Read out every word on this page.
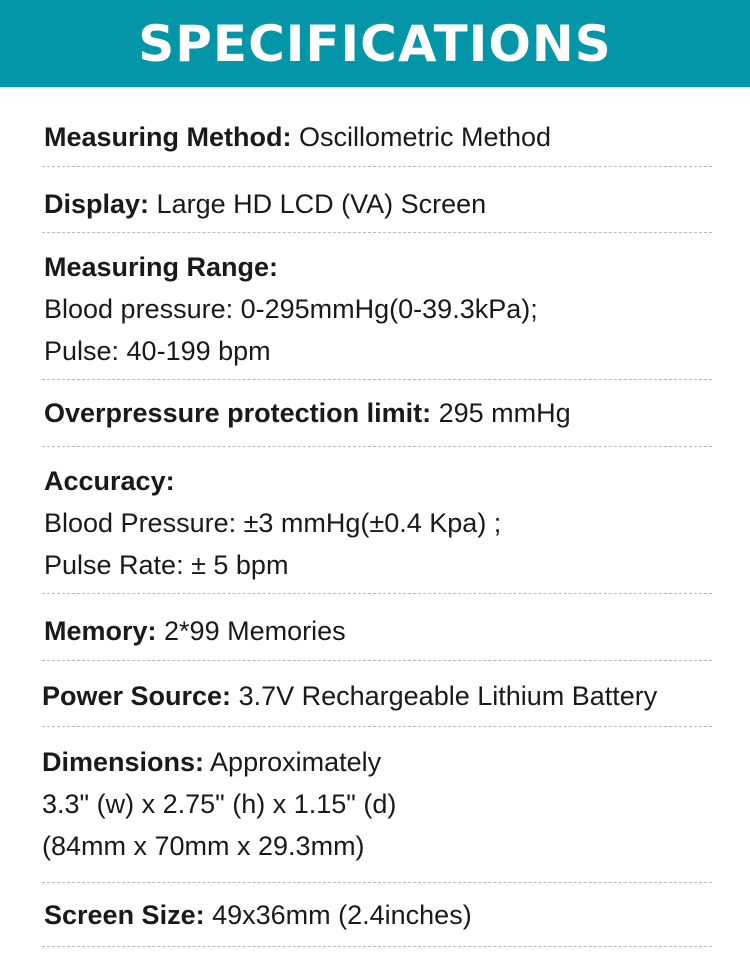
SPECIFICATIONS
Measuring Method: Oscillometric Method
Display: Large HD LCD (VA) Screen
Measuring Range:
Blood pressure: 0-295mmHg(0-39.3kPa);
Pulse: 40-199 bpm
Overpressure protection limit: 295 mmHg
Accuracy:
Blood Pressure: ±3 mmHg(±0.4 Kpa) ;
Pulse Rate: ± 5 bpm
Memory: 2*99 Memories
Power Source: 3.7V Rechargeable Lithium Battery
Dimensions: Approximately
3.3" (w) x 2.75" (h) x 1.15" (d)
(84mm x 70mm x 29.3mm)
Screen Size: 49x36mm (2.4inches)
